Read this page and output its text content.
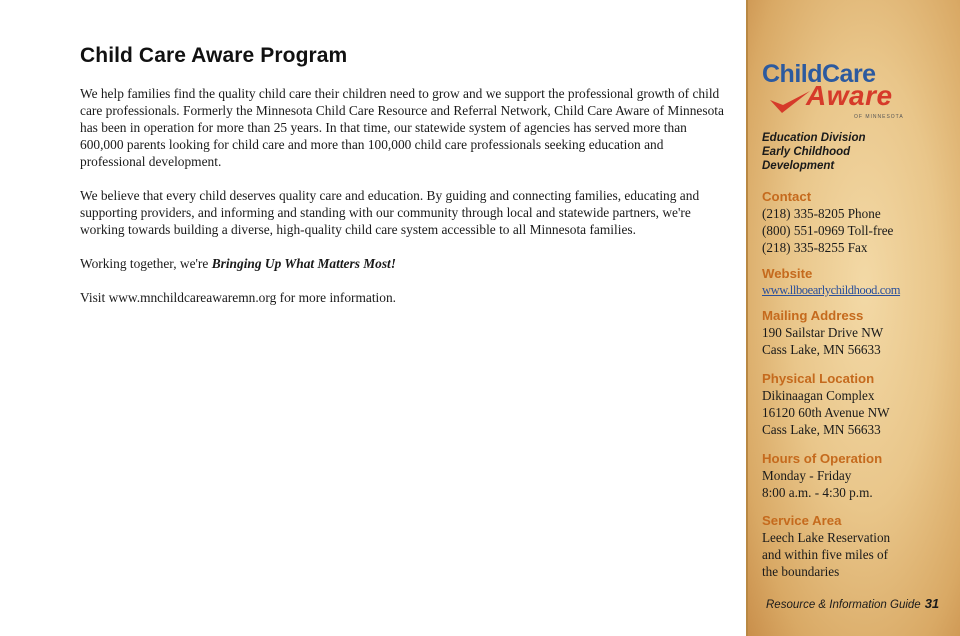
Child Care Aware Program

We help families find the quality child care their children need to grow and we support the professional growth of child care professionals. Formerly the Minnesota Child Care Resource and Referral Network, Child Care Aware of Minnesota has been in operation for more than 25 years. In that time, our statewide system of agencies has served more than 600,000 parents looking for child care and more than 100,000 child care professionals seeking education and professional development.

We believe that every child deserves quality care and education. By guiding and connecting families, educating and supporting providers, and informing and standing with our community through local and statewide partners, we're working towards building a diverse, high-quality child care system accessible to all Minnesota families.

Working together, we're Bringing Up What Matters Most!

Visit www.mnchildcareawaremn.org for more information.

ChildCare
Aware
OF MINNESOTA
Education Division
Early Childhood
Development
Contact
(218) 335-8205 Phone
(800) 551-0969 Toll-free
(218) 335-8255 Fax
Website
www.llboearlychildhood.com
Mailing Address
190 Sailstar Drive NW
Cass Lake, MN 56633
Physical Location
Dikinaagan Complex
16120 60th Avenue NW
Cass Lake, MN 56633
Hours of Operation
Monday - Friday
8:00 a.m. - 4:30 p.m.
Service Area
Leech Lake Reservation
and within five miles of
the boundaries
Resource & Information Guide 31
